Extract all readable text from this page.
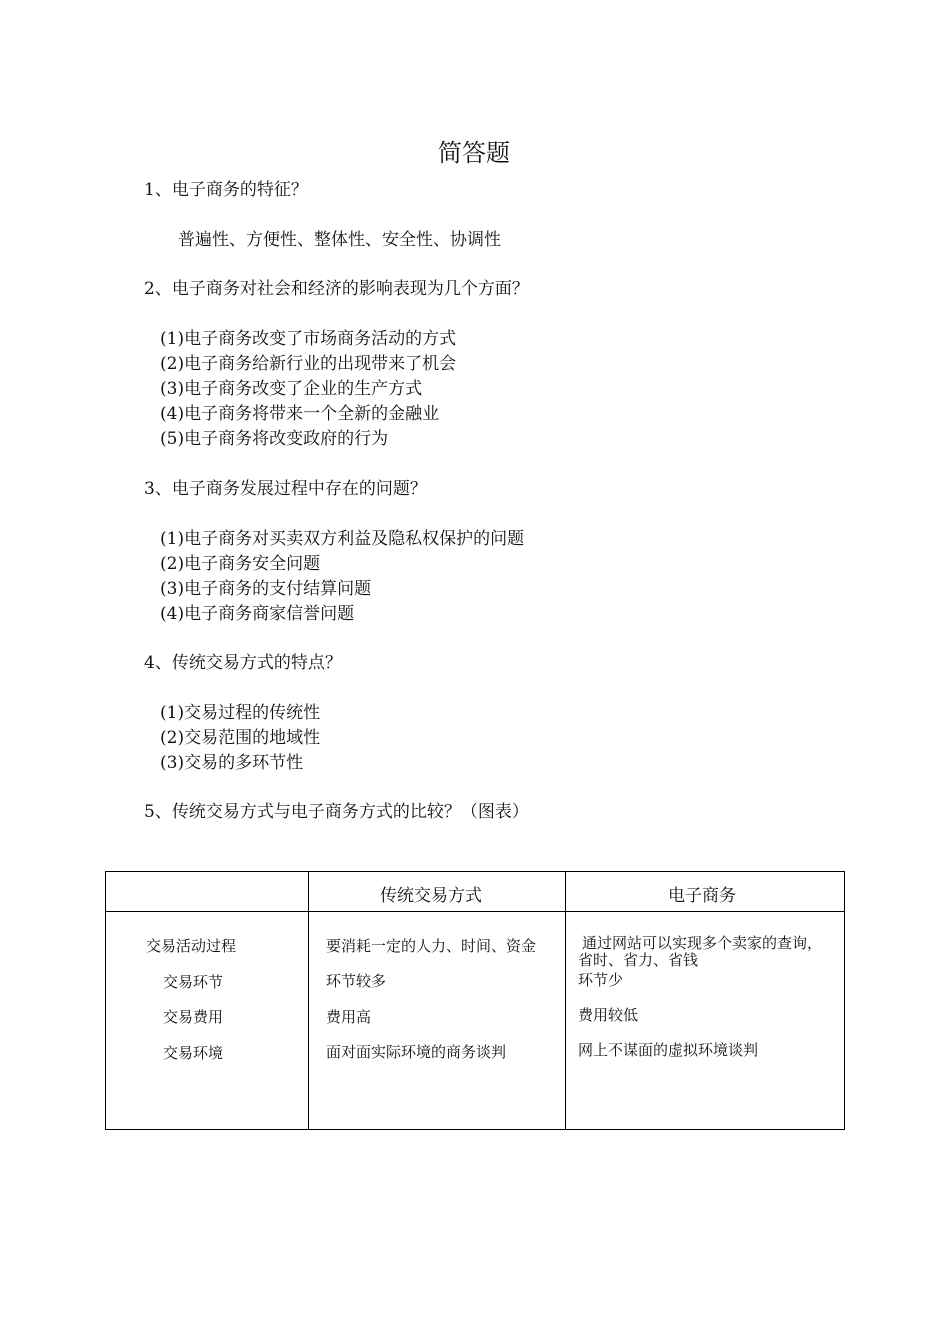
简答题
1、电子商务的特征？
普遍性、方便性、整体性、安全性、协调性
2、电子商务对社会和经济的影响表现为几个方面？
(1)电子商务改变了市场商务活动的方式
(2)电子商务给新行业的出现带来了机会
(3)电子商务改变了企业的生产方式
(4)电子商务将带来一个全新的金融业
(5)电子商务将改变政府的行为
3、电子商务发展过程中存在的问题？
(1)电子商务对买卖双方利益及隐私权保护的问题
(2)电子商务安全问题
(3)电子商务的支付结算问题
(4)电子商务商家信誉问题
4、传统交易方式的特点？
(1)交易过程的传统性
(2)交易范围的地域性
(3)交易的多环节性
5、传统交易方式与电子商务方式的比较？（图表）
传统交易方式	电子商务
交易活动过程
交易环节
交易费用
交易环境
要消耗一定的人力、时间、资金
环节较多
费用高
面对面实际环境的商务谈判
通过网站可以实现多个卖家的查询，省时、省力、省钱
环节少
费用较低
网上不谋面的虚拟环境谈判
